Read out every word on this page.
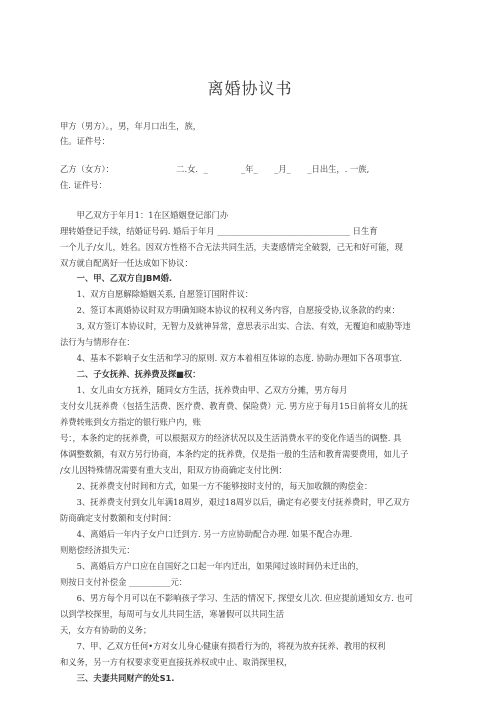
离婚协议书
甲方（男方）。，男，年月口出生，族，
住。证件号：
乙方（女方）：　　　　　　　　二.女．_　　　　_年_　　_月_　　_日出生，. 一族,
住. 证件号：
　　甲乙双方于年月1：1在区婚姻登记部门办
理转婚登记手续，结婚证号码. 婚后于年月 ________________________________ 日生育
一个儿子/女儿，姓名。因双方性格不合无法共同生活，夫妻感情完全破裂，己无和好可能，现
双方就自配离好一任达成如下协议：
　　一、甲、乙双方自JBM婚.
　　1、双方自愿解除婚姻关系, 自愿签订国附件议：
　　2、签订本离婚协议时双方明确知晓本协议的权利义务内容，自愿接受协,议条款的约束：
　　3, 双方签订本协议时，无智力及就神异常，意思表示出实、合法、有效，无覆迫和威胁等违
法行为与情形存在：
　　4、基本不影响子女生活和学习的原则. 双方本着相互体谅的态度. 协助办理如下各项事宜.
　　二、子女抚养、抚养费及探■权：
　　1、女儿由女方抚养，随同女方生活，抚养费由甲、乙双方分摊，男方每月
支付女儿抚养费（包括生活费、医疗费、教育费、保险费）元. 男方应于每月15日前将女儿的抚
养费转账到女方指定的银行账户内，账
号：，本条约定的抚养费，可以根据双方的经济状况以及生活消费水平的变化作适当的调整. 具
体调整数额，有双方另行协商，本条约定的抚养费，仅是指一般的生活和教育需要费用，如儿子
/女儿因特殊情况需要有重大支出，阳双方协商确定支付比例：
　　2、抚养费支付时间和方式，如果一方不能够按时支付的，每天加收额的购偿金：
　　3、抚养费支付到女儿年满18周岁，艰过18周岁以后，确定有必要支付抚养费时，甲乙双方
防商确定支付数额和支付时间：
　　4、离婚后一年内子女户口迁到方. 另一方应协助配合办理. 如果不配合办理.
则赔偿经济损失元：
　　5、离婚后方户口应在自国好之口起一年内迁出，如果闻过该时间仍未迁出的，
则按日支付补偿金 __________元：
　　6、男方每个月可以在不影响孩子学习、生活的情况下, 探望女儿次. 但应提前通知女方. 也可
以到学校探里，每周可与女儿共同生活，寒暑假可以共同生活
天，女方有协助的义务；
　　7、甲、乙双方任何•方对女儿身心健康有损看行为的，将视为放弃抚养、教用的权利
和义务，另一方有权要求变更直接抚养权或中止、取消探里权，
　　三、夫妻共同财产的处S1.
